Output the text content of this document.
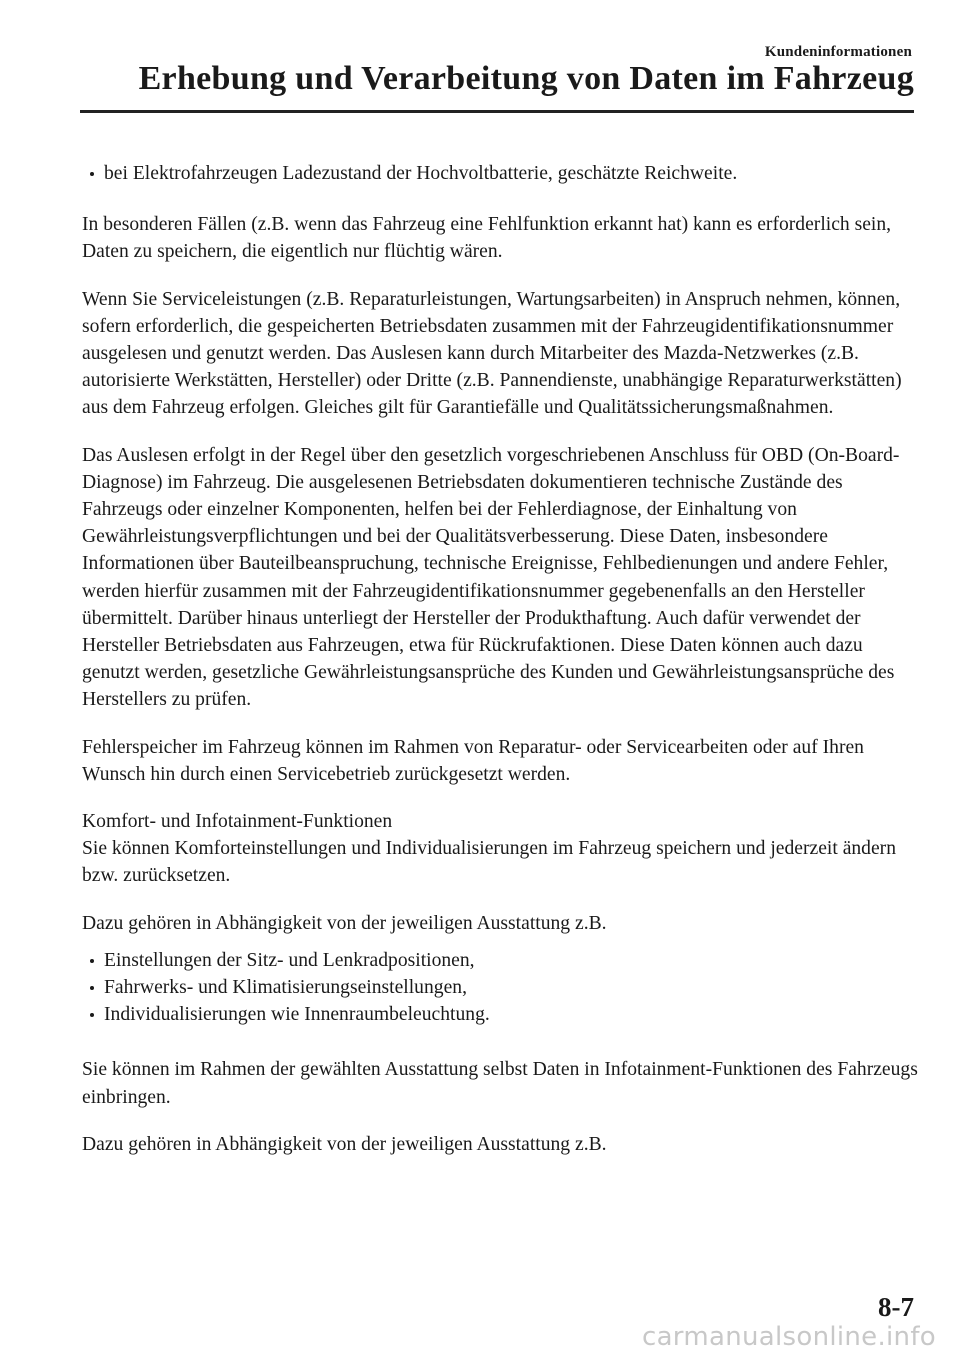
Kundeninformationen
Erhebung und Verarbeitung von Daten im Fahrzeug
bei Elektrofahrzeugen Ladezustand der Hochvoltbatterie, geschätzte Reichweite.

In besonderen Fällen (z.B. wenn das Fahrzeug eine Fehlfunktion erkannt hat) kann es erforderlich sein, Daten zu speichern, die eigentlich nur flüchtig wären.

Wenn Sie Serviceleistungen (z.B. Reparaturleistungen, Wartungsarbeiten) in Anspruch nehmen, können, sofern erforderlich, die gespeicherten Betriebsdaten zusammen mit der Fahrzeugidentifikationsnummer ausgelesen und genutzt werden. Das Auslesen kann durch Mitarbeiter des Mazda-Netzwerkes (z.B. autorisierte Werkstätten, Hersteller) oder Dritte (z.B. Pannendienste, unabhängige Reparaturwerkstätten) aus dem Fahrzeug erfolgen. Gleiches gilt für Garantiefälle und Qualitätssicherungsmaßnahmen.

Das Auslesen erfolgt in der Regel über den gesetzlich vorgeschriebenen Anschluss für OBD (On-Board-Diagnose) im Fahrzeug. Die ausgelesenen Betriebsdaten dokumentieren technische Zustände des Fahrzeugs oder einzelner Komponenten, helfen bei der Fehlerdiagnose, der Einhaltung von Gewährleistungsverpflichtungen und bei der Qualitätsverbesserung. Diese Daten, insbesondere Informationen über Bauteilbeanspruchung, technische Ereignisse, Fehlbedienungen und andere Fehler, werden hierfür zusammen mit der Fahrzeugidentifikationsnummer gegebenenfalls an den Hersteller übermittelt. Darüber hinaus unterliegt der Hersteller der Produkthaftung. Auch dafür verwendet der Hersteller Betriebsdaten aus Fahrzeugen, etwa für Rückrufaktionen. Diese Daten können auch dazu genutzt werden, gesetzliche Gewährleistungsansprüche des Kunden und Gewährleistungsansprüche des Herstellers zu prüfen.

Fehlerspeicher im Fahrzeug können im Rahmen von Reparatur- oder Servicearbeiten oder auf Ihren Wunsch hin durch einen Servicebetrieb zurückgesetzt werden.

Komfort- und Infotainment-Funktionen
Sie können Komforteinstellungen und Individualisierungen im Fahrzeug speichern und jederzeit ändern bzw. zurücksetzen.

Dazu gehören in Abhängigkeit von der jeweiligen Ausstattung z.B.

Einstellungen der Sitz- und Lenkradpositionen,
Fahrwerks- und Klimatisierungseinstellungen,
Individualisierungen wie Innenraumbeleuchtung.

Sie können im Rahmen der gewählten Ausstattung selbst Daten in Infotainment-Funktionen des Fahrzeugs einbringen.

Dazu gehören in Abhängigkeit von der jeweiligen Ausstattung z.B.

8-7
carmanualsonline.info
